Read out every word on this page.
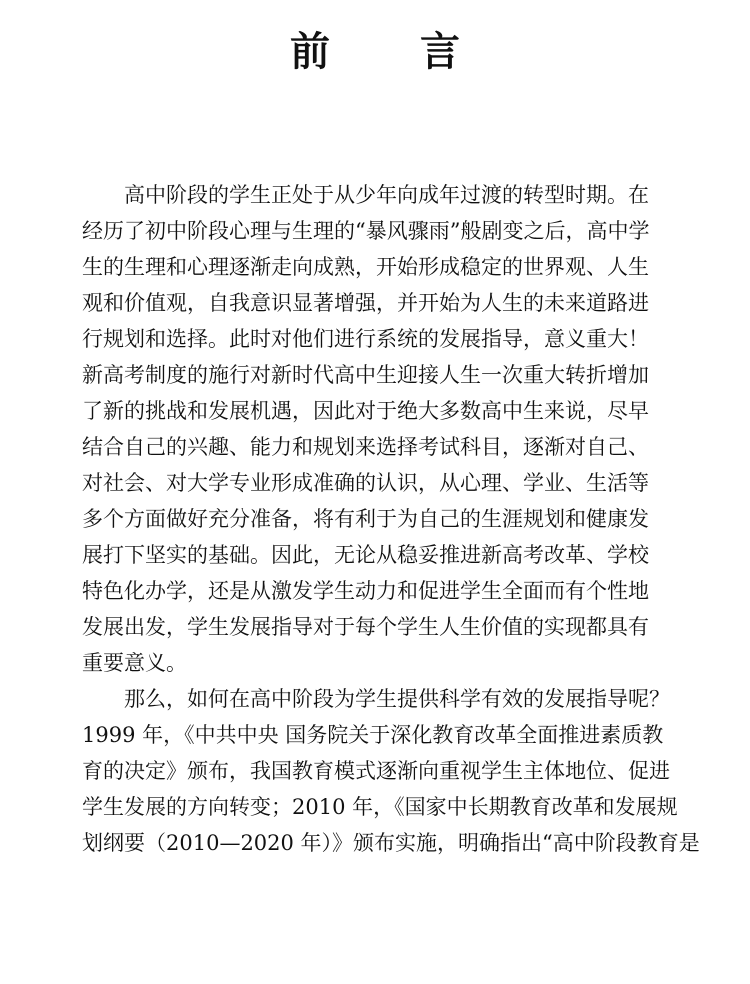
前言
高中阶段的学生正处于从少年向成年过渡的转型时期。在
经历了初中阶段心理与生理的“暴风骤雨”般剧变之后，高中学
生的生理和心理逐渐走向成熟，开始形成稳定的世界观、人生
观和价值观，自我意识显著增强，并开始为人生的未来道路进
行规划和选择。此时对他们进行系统的发展指导，意义重大！
新高考制度的施行对新时代高中生迎接人生一次重大转折增加
了新的挑战和发展机遇，因此对于绝大多数高中生来说，尽早
结合自己的兴趣、能力和规划来选择考试科目，逐渐对自己、
对社会、对大学专业形成准确的认识，从心理、学业、生活等
多个方面做好充分准备，将有利于为自己的生涯规划和健康发
展打下坚实的基础。因此，无论从稳妥推进新高考改革、学校
特色化办学，还是从激发学生动力和促进学生全面而有个性地
发展出发，学生发展指导对于每个学生人生价值的实现都具有
重要意义。
那么，如何在高中阶段为学生提供科学有效的发展指导呢？
1999 年，《中共中央 国务院关于深化教育改革全面推进素质教
育的决定》颁布，我国教育模式逐渐向重视学生主体地位、促进
学生发展的方向转变；2010 年，《国家中长期教育改革和发展规
划纲要（2010—2020 年）》颁布实施，明确指出“高中阶段教育是
